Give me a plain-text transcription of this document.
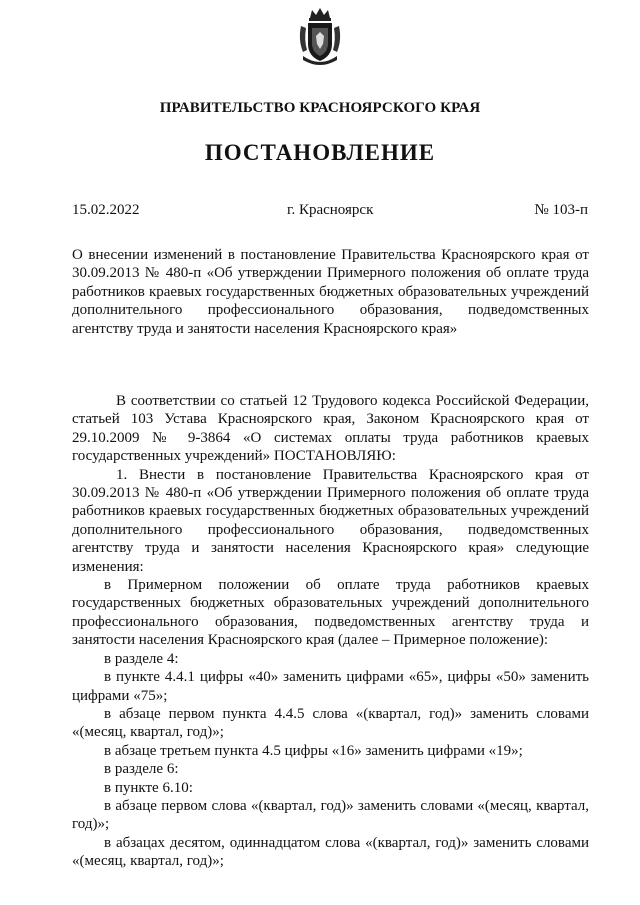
ПРАВИТЕЛЬСТВО КРАСНОЯРСКОГО КРАЯ
ПОСТАНОВЛЕНИЕ
15.02.2022	г. Красноярск	№ 103-п

О внесении изменений в постановление Правительства Красноярского края от 30.09.2013 № 480-п «Об утверждении Примерного положения об оплате труда работников краевых государственных бюджетных образовательных учреждений дополнительного профессионального образования, подведомственных агентству труда и занятости населения Красноярского края»

В соответствии со статьей 12 Трудового кодекса Российской Федерации, статьей 103 Устава Красноярского края, Законом Красноярского края от 29.10.2009 № 9-3864 «О системах оплаты труда работников краевых государственных учреждений» ПОСТАНОВЛЯЮ:

1. Внести в постановление Правительства Красноярского края от 30.09.2013 № 480-п «Об утверждении Примерного положения об оплате труда работников краевых государственных бюджетных образовательных учреждений дополнительного профессионального образования, подведомственных агентству труда и занятости населения Красноярского края» следующие изменения:

в Примерном положении об оплате труда работников краевых государственных бюджетных образовательных учреждений дополнительного профессионального образования, подведомственных агентству труда и занятости населения Красноярского края (далее – Примерное положение):

в разделе 4:

в пункте 4.4.1 цифры «40» заменить цифрами «65», цифры «50» заменить цифрами «75»;

в абзаце первом пункта 4.4.5 слова «(квартал, год)» заменить словами «(месяц, квартал, год)»;

в абзаце третьем пункта 4.5 цифры «16» заменить цифрами «19»;

в разделе 6:

в пункте 6.10:

в абзаце первом слова «(квартал, год)» заменить словами «(месяц, квартал, год)»;

в абзацах десятом, одиннадцатом слова «(квартал, год)» заменить словами «(месяц, квартал, год)»;
